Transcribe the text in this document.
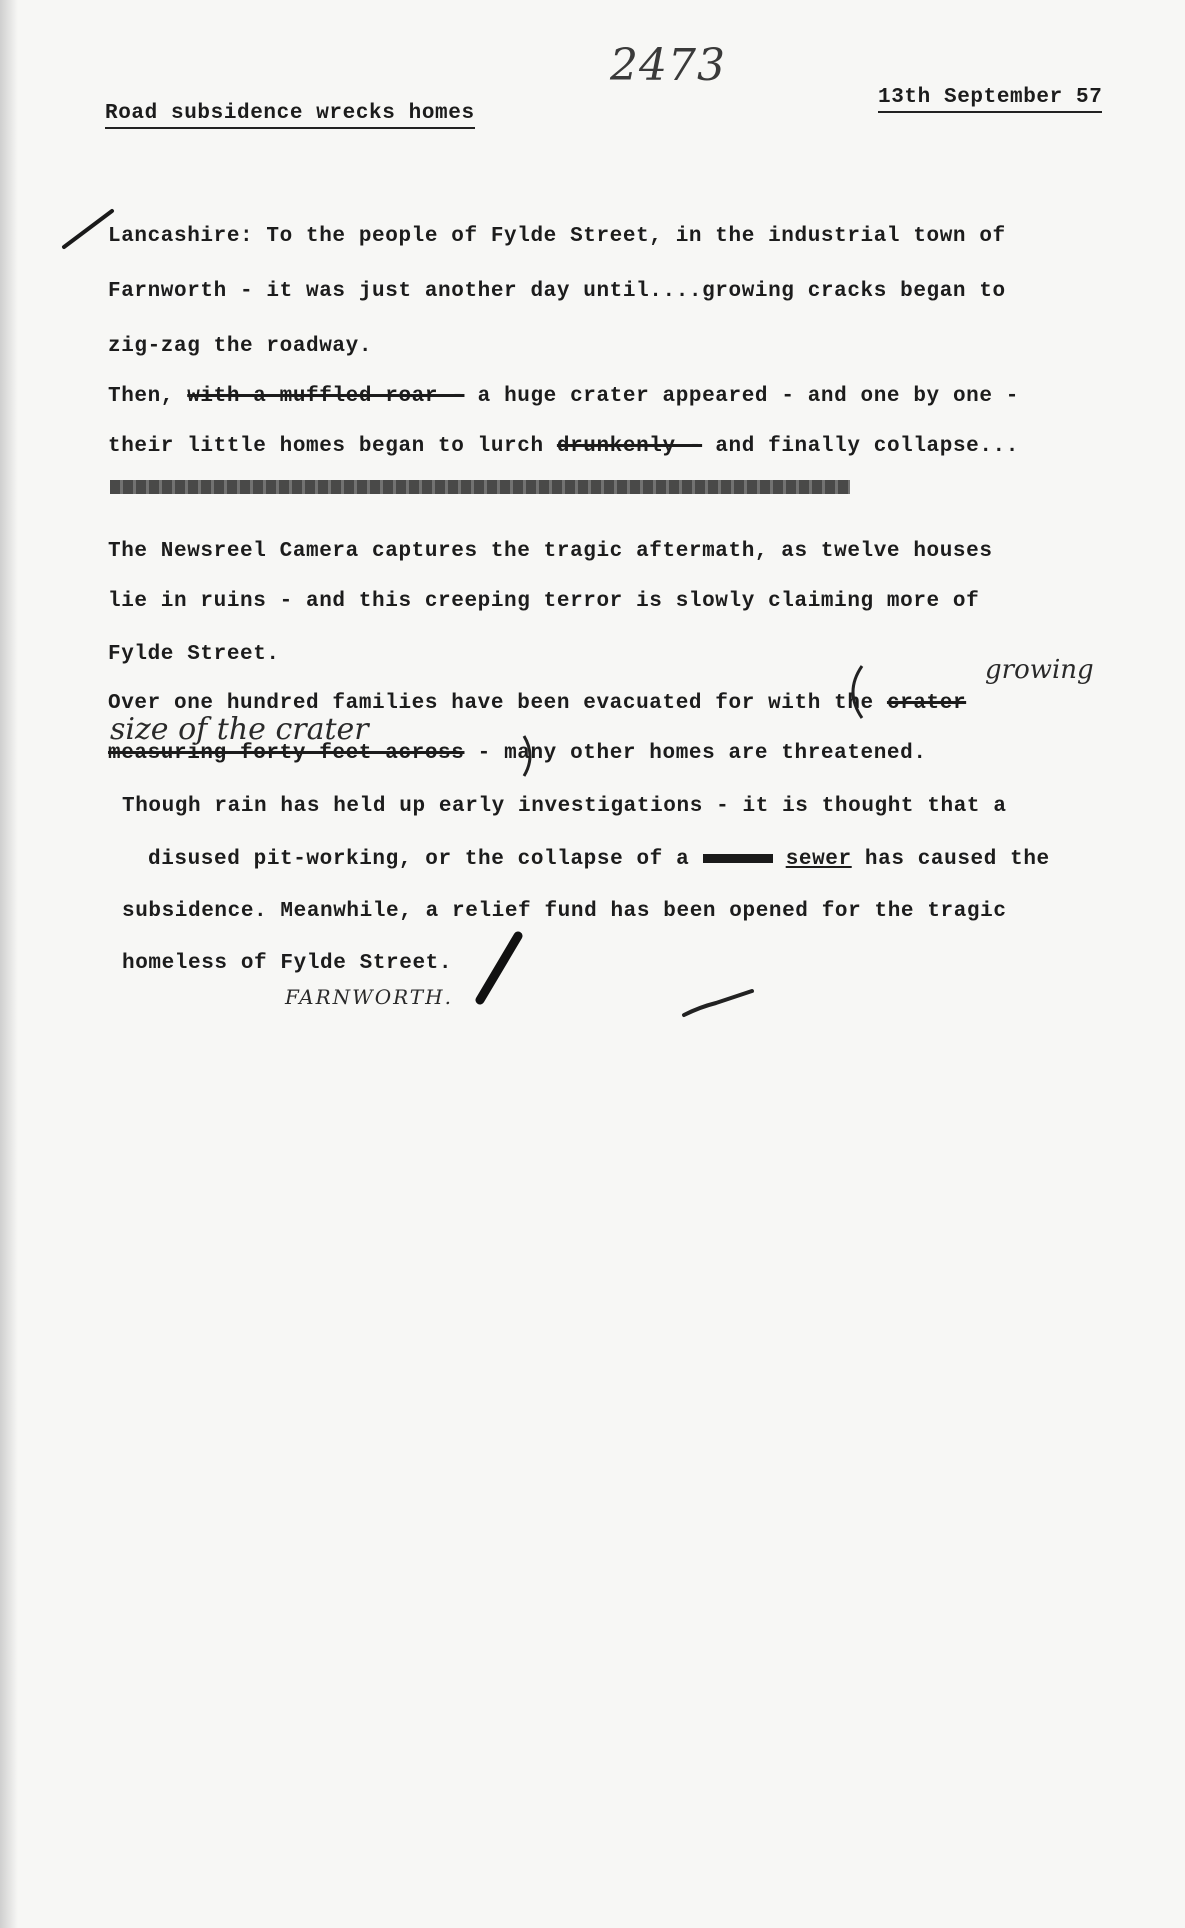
2473
Road subsidence wrecks homes
13th September 57
Lancashire: To the people of Fylde Street, in the industrial town of
Farnworth - it was just another day until....growing cracks began to
zig-zag the roadway.
Then, with a muffled roar - a huge crater appeared - and one by one -
their little homes began to lurch drunkenly - and finally collapse...
The Newsreel Camera captures the tragic aftermath, as twelve houses
lie in ruins - and this creeping terror is slowly claiming more of
Fylde Street.
growing
Over one hundred families have been evacuated for with the crater
size of the crater
measuring forty feet across - many other homes are threatened.
Though rain has held up early investigations - it is thought that a
disused pit-working, or the collapse of a	sewer has caused the
subsidence. Meanwhile, a relief fund has been opened for the tragic
homeless of Fylde Street.
FARNWORTH.
